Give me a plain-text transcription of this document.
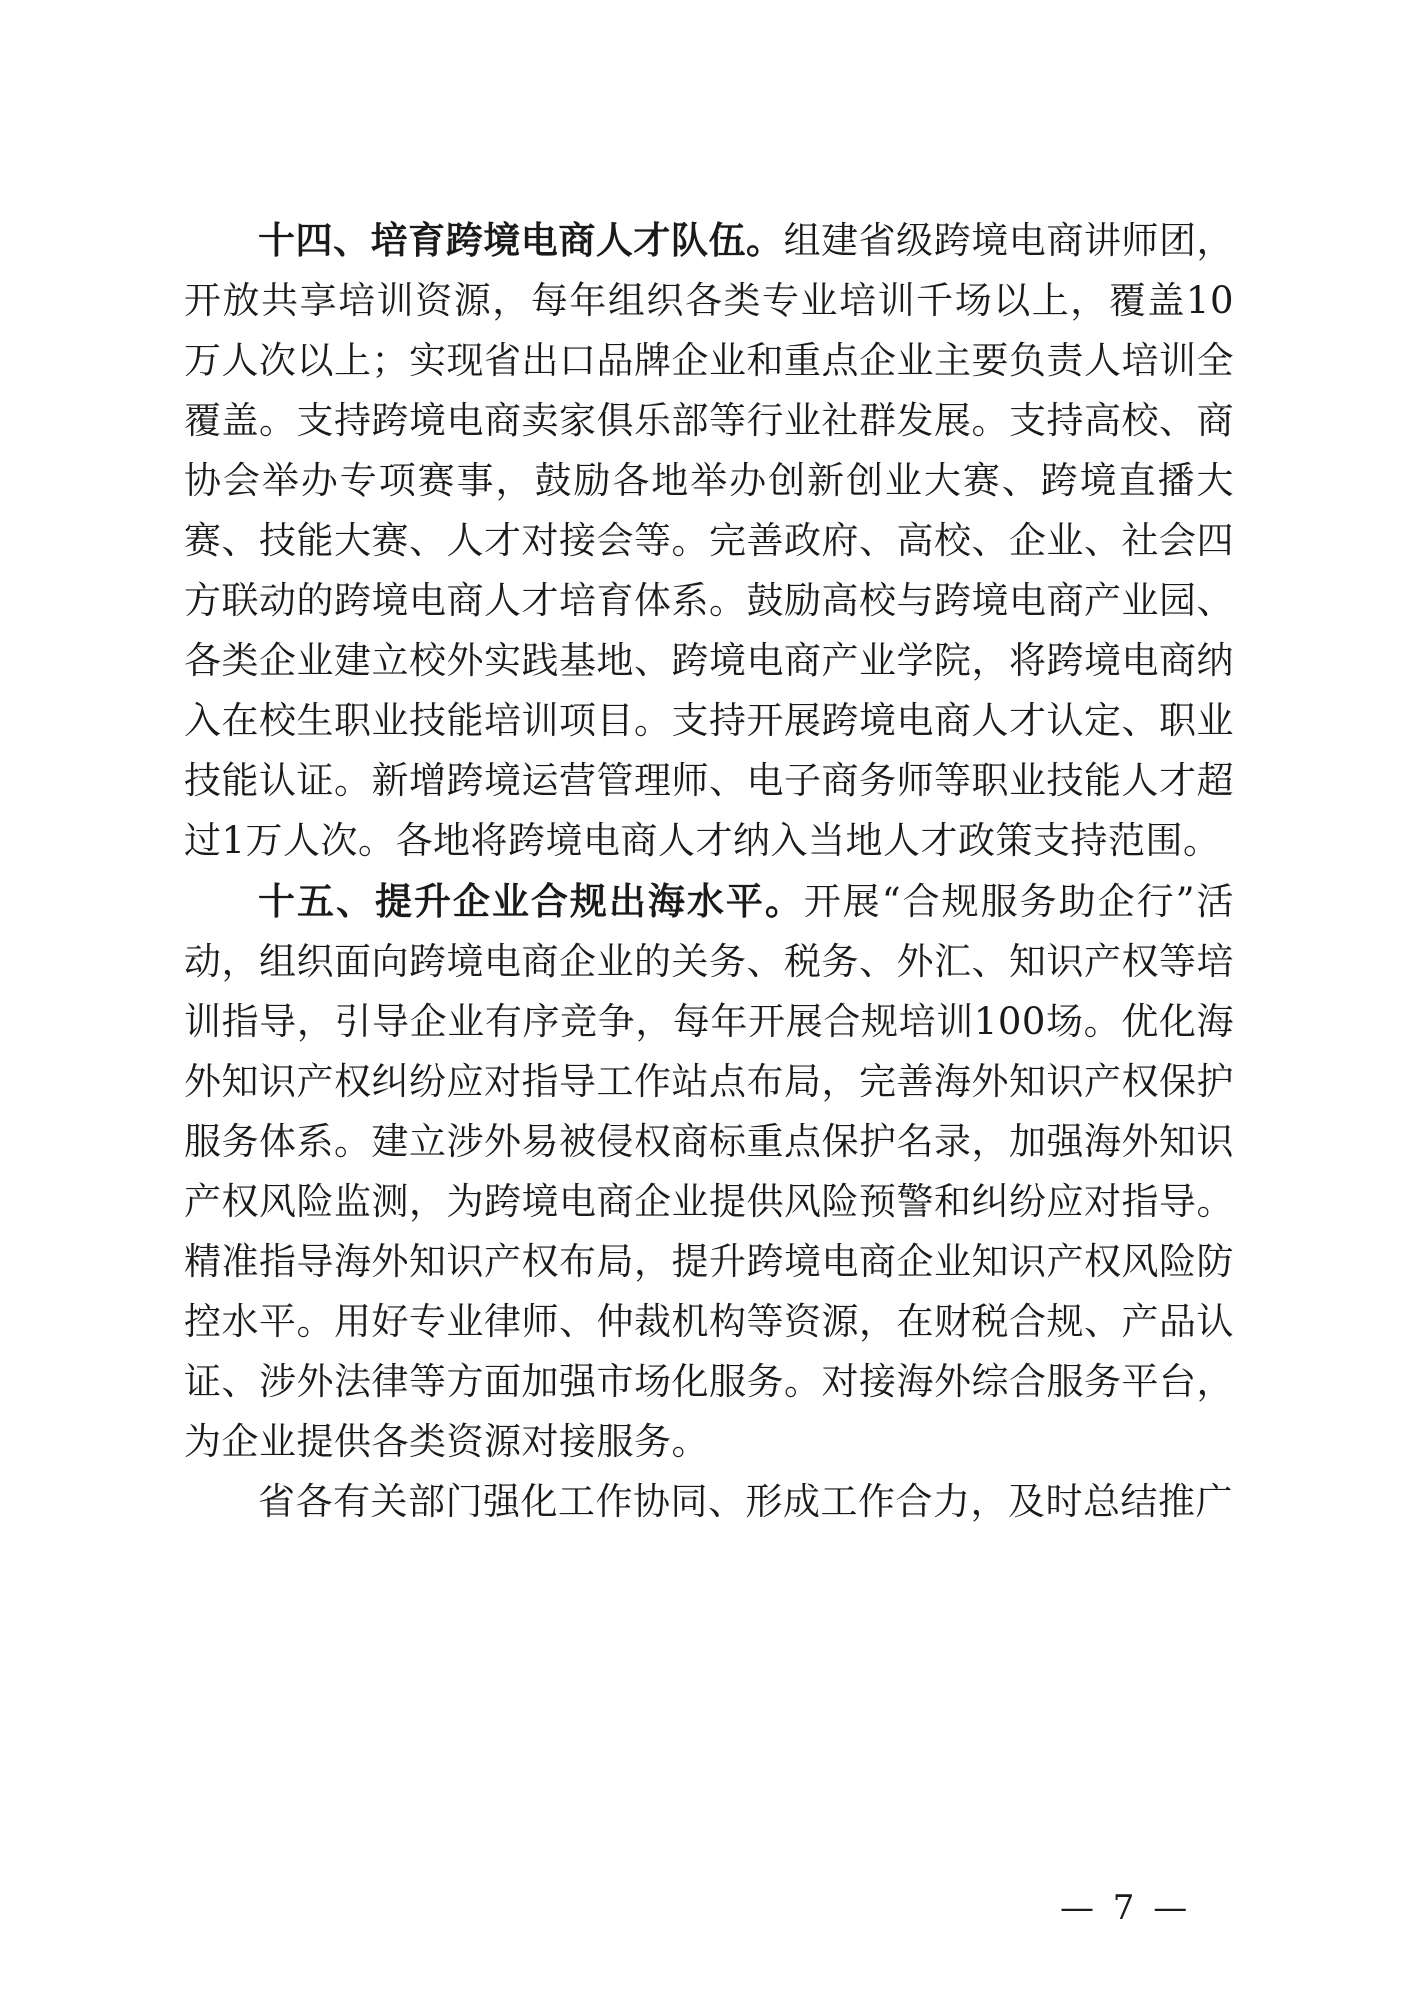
十四、培育跨境电商人才队伍。组建省级跨境电商讲师团，开放共享培训资源，每年组织各类专业培训千场以上，覆盖10万人次以上；实现省出口品牌企业和重点企业主要负责人培训全覆盖。支持跨境电商卖家俱乐部等行业社群发展。支持高校、商协会举办专项赛事，鼓励各地举办创新创业大赛、跨境直播大赛、技能大赛、人才对接会等。完善政府、高校、企业、社会四方联动的跨境电商人才培育体系。鼓励高校与跨境电商产业园、各类企业建立校外实践基地、跨境电商产业学院，将跨境电商纳入在校生职业技能培训项目。支持开展跨境电商人才认定、职业技能认证。新增跨境运营管理师、电子商务师等职业技能人才超过1万人次。各地将跨境电商人才纳入当地人才政策支持范围。

十五、提升企业合规出海水平。开展“合规服务助企行”活动，组织面向跨境电商企业的关务、税务、外汇、知识产权等培训指导，引导企业有序竞争，每年开展合规培训100场。优化海外知识产权纠纷应对指导工作站点布局，完善海外知识产权保护服务体系。建立涉外易被侵权商标重点保护名录，加强海外知识产权风险监测，为跨境电商企业提供风险预警和纠纷应对指导。精准指导海外知识产权布局，提升跨境电商企业知识产权风险防控水平。用好专业律师、仲裁机构等资源，在财税合规、产品认证、涉外法律等方面加强市场化服务。对接海外综合服务平台，为企业提供各类资源对接服务。

省各有关部门强化工作协同、形成工作合力，及时总结推广

— 7 —
